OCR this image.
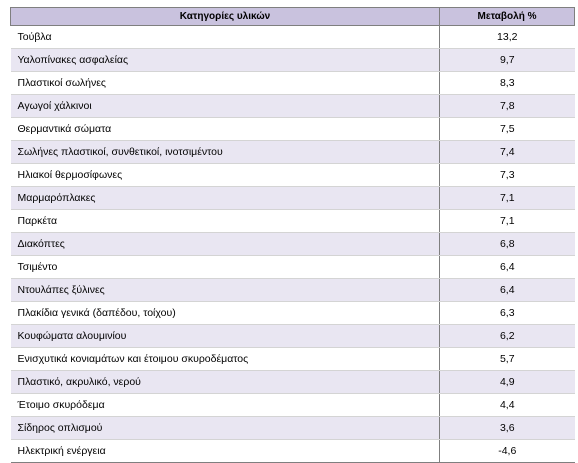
Κατηγορίες υλικών	Μεταβολή %
Τούβλα	13,2
Υαλοπίνακες ασφαλείας	9,7
Πλαστικοί σωλήνες	8,3
Αγωγοί χάλκινοι	7,8
Θερμαντικά σώματα	7,5
Σωλήνες πλαστικοί, συνθετικοί, ινοτσιμέντου	7,4
Ηλιακοί θερμοσίφωνες	7,3
Μαρμαρόπλακες	7,1
Παρκέτα	7,1
Διακόπτες	6,8
Τσιμέντο	6,4
Ντουλάπες ξύλινες	6,4
Πλακίδια γενικά (δαπέδου, τοίχου)	6,3
Κουφώματα αλουμινίου	6,2
Ενισχυτικά κονιαμάτων και έτοιμου σκυροδέματος	5,7
Πλαστικό, ακρυλικό, νερού	4,9
Έτοιμο σκυρόδεμα	4,4
Σίδηρος οπλισμού	3,6
Ηλεκτρική ενέργεια	-4,6
